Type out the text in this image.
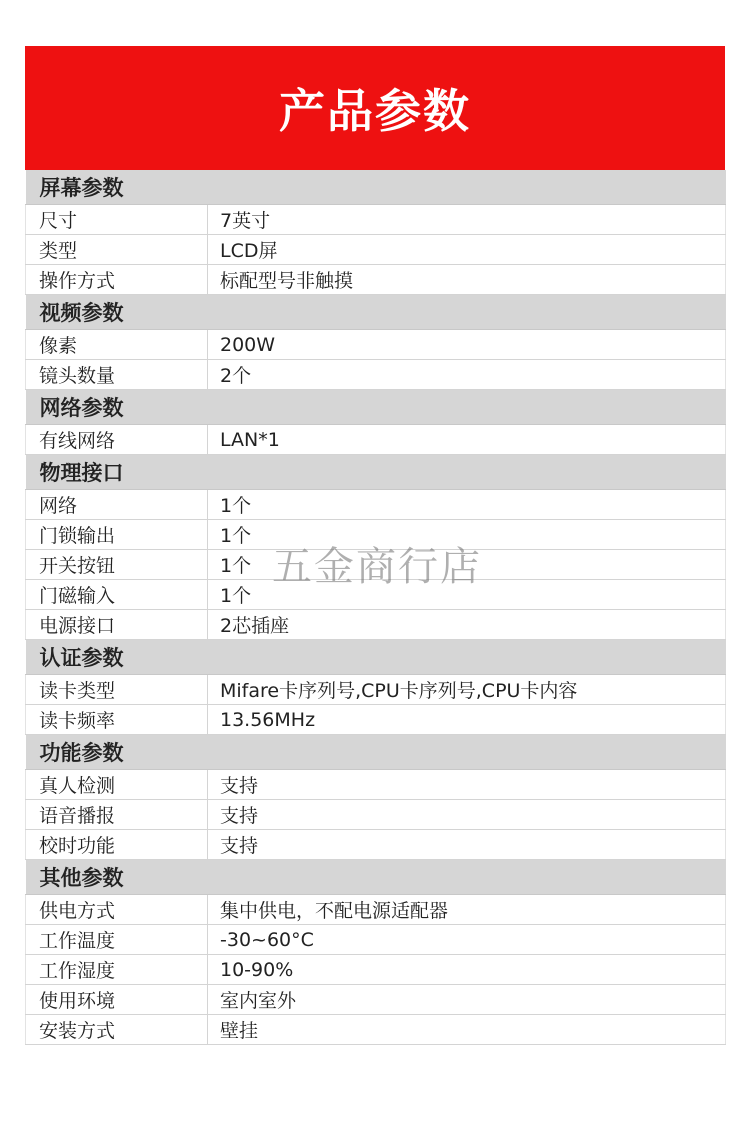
产品参数
屏幕参数	
尺寸	7英寸
类型	LCD屏
操作方式	标配型号非触摸
视频参数	
像素	200W
镜头数量	2个
网络参数	
有线网络	LAN*1
物理接口	
网络	1个
门锁输出	1个
开关按钮	1个
门磁输入	1个
电源接口	2芯插座
认证参数	
读卡类型	Mifare卡序列号,CPU卡序列号,CPU卡内容
读卡频率	13.56MHz
功能参数	
真人检测	支持
语音播报	支持
校时功能	支持
其他参数	
供电方式	集中供电，不配电源适配器
工作温度	-30~60°C
工作湿度	10-90%
使用环境	室内室外
安装方式	壁挂
五金商行店
